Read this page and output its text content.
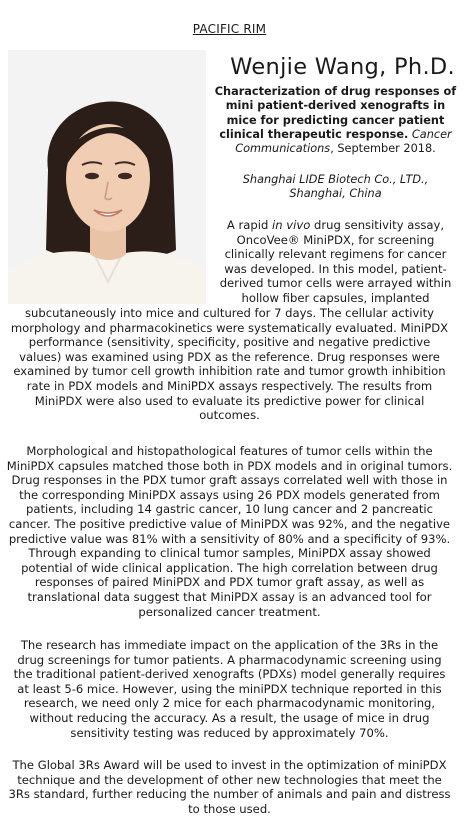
PACIFIC RIM
Wenjie Wang, Ph.D.

Characterization of drug responses of mini patient-derived xenografts in mice for predicting cancer patient clinical therapeutic response. Cancer Communications, September 2018.

Shanghai LIDE Biotech Co., LTD.,
Shanghai, China

A rapid in vivo drug sensitivity assay, OncoVee® MiniPDX, for screening clinically relevant regimens for cancer was developed. In this model, patient-derived tumor cells were arrayed within hollow fiber capsules, implanted

subcutaneously into mice and cultured for 7 days. The cellular activity morphology and pharmacokinetics were systematically evaluated. MiniPDX performance (sensitivity, specificity, positive and negative predictive values) was examined using PDX as the reference. Drug responses were examined by tumor cell growth inhibition rate and tumor growth inhibition rate in PDX models and MiniPDX assays respectively. The results from MiniPDX were also used to evaluate its predictive power for clinical outcomes.

Morphological and histopathological features of tumor cells within the MiniPDX capsules matched those both in PDX models and in original tumors. Drug responses in the PDX tumor graft assays correlated well with those in the corresponding MiniPDX assays using 26 PDX models generated from patients, including 14 gastric cancer, 10 lung cancer and 2 pancreatic cancer. The positive predictive value of MiniPDX was 92%, and the negative predictive value was 81% with a sensitivity of 80% and a specificity of 93%. Through expanding to clinical tumor samples, MiniPDX assay showed potential of wide clinical application. The high correlation between drug responses of paired MiniPDX and PDX tumor graft assay, as well as translational data suggest that MiniPDX assay is an advanced tool for personalized cancer treatment.

The research has immediate impact on the application of the 3Rs in the drug screenings for tumor patients. A pharmacodynamic screening using the traditional patient-derived xenografts (PDXs) model generally requires at least 5-6 mice. However, using the miniPDX technique reported in this research, we need only 2 mice for each pharmacodynamic monitoring, without reducing the accuracy. As a result, the usage of mice in drug sensitivity testing was reduced by approximately 70%.

The Global 3Rs Award will be used to invest in the optimization of miniPDX technique and the development of other new technologies that meet the 3Rs standard, further reducing the number of animals and pain and distress to those used.
